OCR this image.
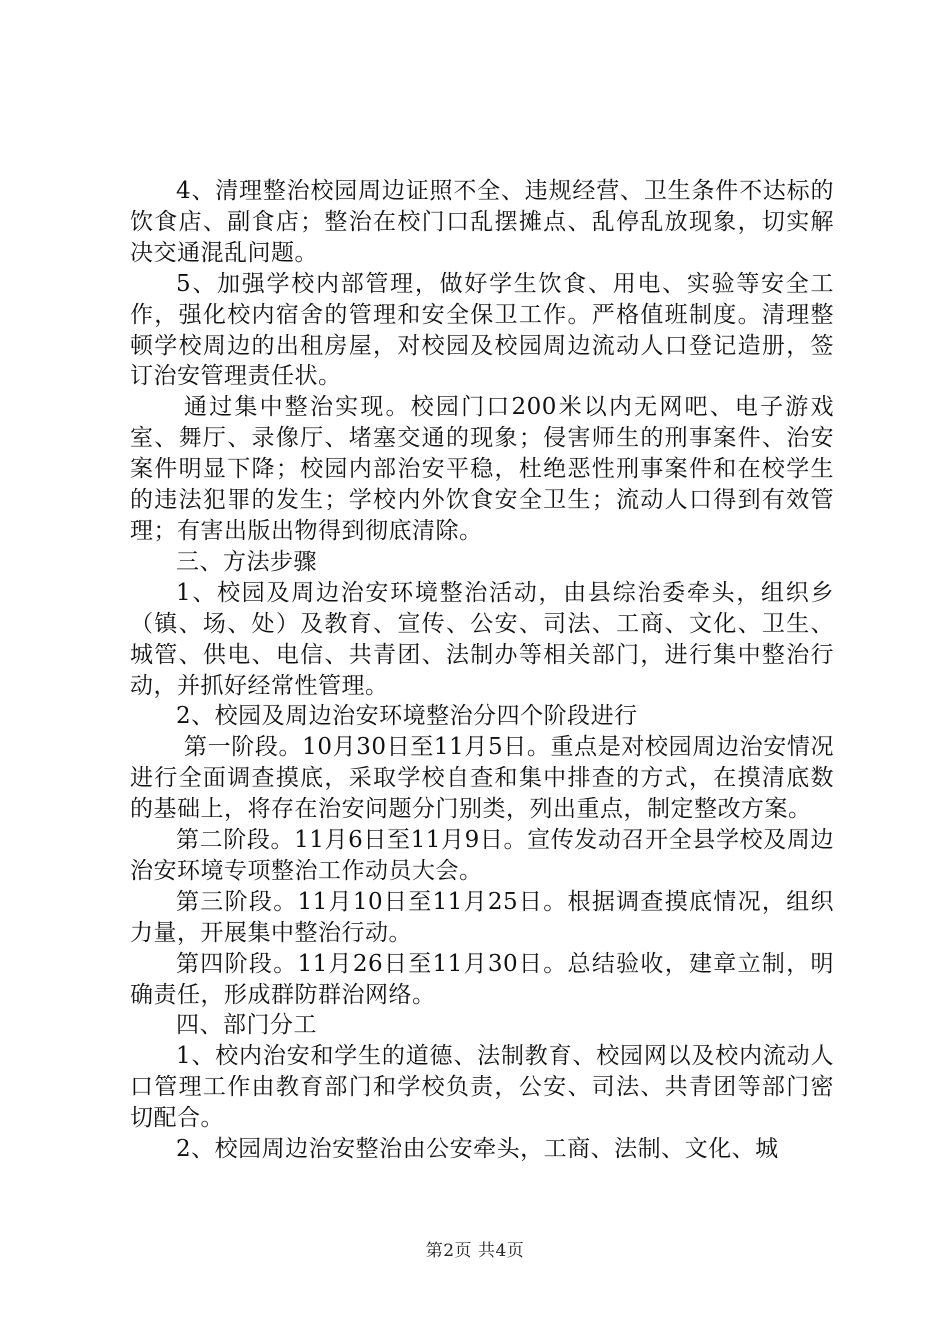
4、清理整治校园周边证照不全、违规经营、卫生条件不达标的饮食店、副食店；整治在校门口乱摆摊点、乱停乱放现象，切实解决交通混乱问题。

5、加强学校内部管理，做好学生饮食、用电、实验等安全工作，强化校内宿舍的管理和安全保卫工作。严格值班制度。清理整顿学校周边的出租房屋，对校园及校园周边流动人口登记造册，签订治安管理责任状。

通过集中整治实现。校园门口200米以内无网吧、电子游戏室、舞厅、录像厅、堵塞交通的现象；侵害师生的刑事案件、治安案件明显下降；校园内部治安平稳，杜绝恶性刑事案件和在校学生的违法犯罪的发生；学校内外饮食安全卫生；流动人口得到有效管理；有害出版出物得到彻底清除。

三、方法步骤

1、校园及周边治安环境整治活动，由县综治委牵头，组织乡（镇、场、处）及教育、宣传、公安、司法、工商、文化、卫生、城管、供电、电信、共青团、法制办等相关部门，进行集中整治行动，并抓好经常性管理。

2、校园及周边治安环境整治分四个阶段进行

第一阶段。10月30日至11月5日。重点是对校园周边治安情况进行全面调查摸底，采取学校自查和集中排查的方式，在摸清底数的基础上，将存在治安问题分门别类，列出重点，制定整改方案。

第二阶段。11月6日至11月9日。宣传发动召开全县学校及周边治安环境专项整治工作动员大会。

第三阶段。11月10日至11月25日。根据调查摸底情况，组织力量，开展集中整治行动。

第四阶段。11月26日至11月30日。总结验收，建章立制，明确责任，形成群防群治网络。

四、部门分工

1、校内治安和学生的道德、法制教育、校园网以及校内流动人口管理工作由教育部门和学校负责，公安、司法、共青团等部门密切配合。

2、校园周边治安整治由公安牵头，工商、法制、文化、城

第2页 共4页
